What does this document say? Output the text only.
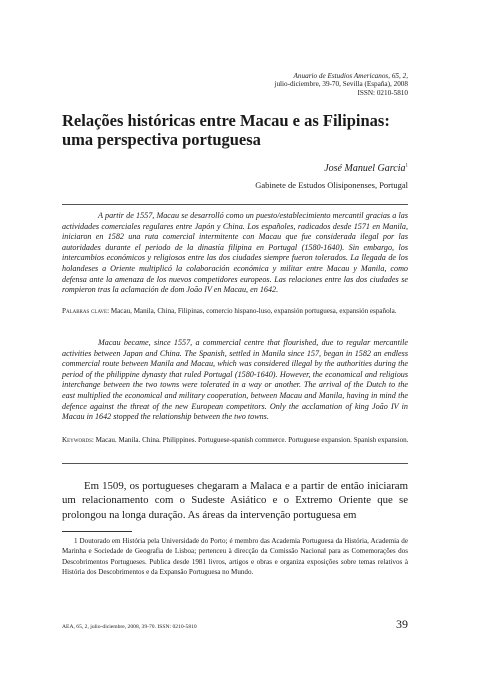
Anuario de Estudios Americanos, 65, 2,
julio-diciembre, 39-70, Sevilla (España), 2008
ISSN: 0210-5810
Relações históricas entre Macau e as Filipinas:
uma perspectiva portuguesa
José Manuel Garcia$^1$
Gabinete de Estudos Olisiponenses, Portugal

A partir de 1557, Macau se desarrolló como un puesto/establecimiento mercantil gracias a las actividades comerciales regulares entre Japón y China. Los españoles, radicados desde 1571 en Manila, iniciaron en 1582 una ruta comercial intermitente con Macau que fue considerada ilegal por las autoridades durante el periodo de la dinastía filipina en Portugal (1580-1640). Sin embargo, los intercambios económicos y religiosos entre las dos ciudades siempre fueron tolerados. La llegada de los holandeses a Oriente multiplicó la colaboración económica y militar entre Macau y Manila, como defensa ante la amenaza de los nuevos competidores europeos. Las relaciones entre las dos ciudades se rompieron tras la aclamación de dom João IV en Macau, en 1642.

Palabras clave: Macau, Manila, China, Filipinas, comercio hispano-luso, expansión portuguesa, expansión española.

Macau became, since 1557, a commercial centre that flourished, due to regular mercantile activities between Japan and China. The Spanish, settled in Manila since 157, began in 1582 an endless commercial route between Manila and Macau, which was considered illegal by the authorities during the period of the philippine dynasty that ruled Portugal (1580-1640). However, the economical and religious interchange between the two towns were tolerated in a way or another. The arrival of the Dutch to the east multiplied the economical and military cooperation, between Macau and Manila, having in mind the defence against the threat of the new European competitors. Only the acclamation of king João IV in Macau in 1642 stopped the relationship between the two towns.

Keywords: Macau. Manila. China. Philippines. Portuguese-spanish commerce. Portuguese expansion. Spanish expansion.

Em 1509, os portugueses chegaram a Malaca e a partir de então iniciaram um relacionamento com o Sudeste Asiático e o Extremo Oriente que se prolongou na longa duração. As áreas da intervenção portuguesa em

1 Doutorado em História pela Universidade do Porto; é membro das Academia Portuguesa da História, Academia de Marinha e Sociedade de Geografia de Lisboa; pertenceu à direcção da Comissão Nacional para as Comemorações dos Descobrimentos Portugueses. Publica desde 1981 livros, artigos e obras e organiza exposições sobre temas relativos à História dos Descobrimentos e da Expansão Portuguesa no Mundo.

AEA, 65, 2, julio-diciembre, 2008, 39-70. ISSN: 0210-5810	39
